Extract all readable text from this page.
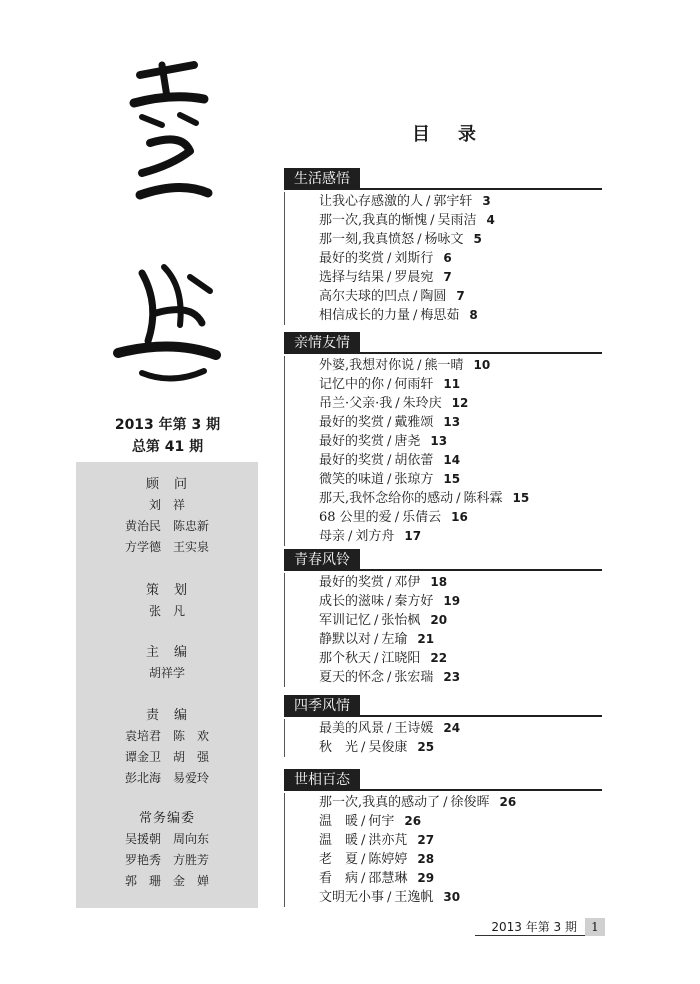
2013 年第 3 期
总第 41 期
顾　问
刘　祥
黄治民　陈忠新
方学德　王实泉
策　划
张　凡
主　编
胡祥学
责　编
袁培君　陈　欢
谭金卫　胡　强
彭北海　易爱玲
常务编委
吴援朝　周向东
罗艳秀　方胜芳
郭　珊　金　婵
目 录
生活感悟
让我心存感激的人 / 郭宇轩 3
那一次,我真的惭愧 / 吴雨洁 4
那一刻,我真愤怒 / 杨咏文 5
最好的奖赏 / 刘斯行 6
选择与结果 / 罗晨宛 7
高尔夫球的凹点 / 陶圆 7
相信成长的力量 / 梅思茹 8
亲情友情
外婆,我想对你说 / 熊一晴 10
记忆中的你 / 何雨轩 11
吊兰·父亲·我 / 朱玲庆 12
最好的奖赏 / 戴雅颂 13
最好的奖赏 / 唐尧 13
最好的奖赏 / 胡依蕾 14
微笑的味道 / 张琼方 15
那天,我怀念给你的感动 / 陈科霖 15
68 公里的爱 / 乐倩云 16
母亲 / 刘方舟 17
青春风铃
最好的奖赏 / 邓伊 18
成长的滋味 / 秦方好 19
军训记忆 / 张怡枫 20
静默以对 / 左瑜 21
那个秋天 / 江晓阳 22
夏天的怀念 / 张宏瑞 23
四季风情
最美的风景 / 王诗媛 24
秋　光 / 吴俊康 25
世相百态
那一次,我真的感动了 / 徐俊晖 26
温　暖 / 何宇 26
温　暖 / 洪亦芃 27
老　夏 / 陈婷婷 28
看　病 / 邵慧琳 29
文明无小事 / 王逸帆 30
2013 年第 3 期	1
